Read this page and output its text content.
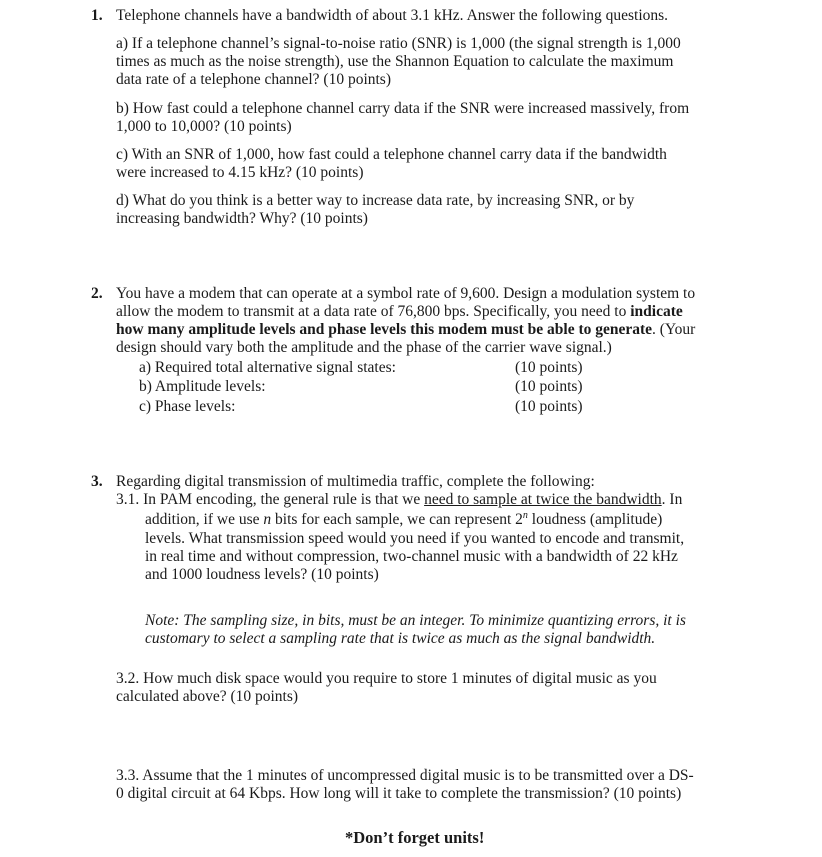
1. Telephone channels have a bandwidth of about 3.1 kHz. Answer the following questions.
a) If a telephone channel’s signal-to-noise ratio (SNR) is 1,000 (the signal strength is 1,000
times as much as the noise strength), use the Shannon Equation to calculate the maximum
data rate of a telephone channel? (10 points)
b) How fast could a telephone channel carry data if the SNR were increased massively, from
1,000 to 10,000? (10 points)
c) With an SNR of 1,000, how fast could a telephone channel carry data if the bandwidth
were increased to 4.15 kHz? (10 points)
d) What do you think is a better way to increase data rate, by increasing SNR, or by
increasing bandwidth? Why? (10 points)
2. You have a modem that can operate at a symbol rate of 9,600. Design a modulation system to
allow the modem to transmit at a data rate of 76,800 bps. Specifically, you need to indicate
how many amplitude levels and phase levels this modem must be able to generate. (Your
design should vary both the amplitude and the phase of the carrier wave signal.)
a) Required total alternative signal states:	(10 points)
b) Amplitude levels:	(10 points)
c) Phase levels:	(10 points)
3. Regarding digital transmission of multimedia traffic, complete the following:
3.1. In PAM encoding, the general rule is that we need to sample at twice the bandwidth. In
addition, if we use n bits for each sample, we can represent 2$^n$ loudness (amplitude)
levels. What transmission speed would you need if you wanted to encode and transmit,
in real time and without compression, two-channel music with a bandwidth of 22 kHz
and 1000 loudness levels? (10 points)
Note: The sampling size, in bits, must be an integer. To minimize quantizing errors, it is
customary to select a sampling rate that is twice as much as the signal bandwidth.
3.2. How much disk space would you require to store 1 minutes of digital music as you
calculated above? (10 points)
3.3. Assume that the 1 minutes of uncompressed digital music is to be transmitted over a DS-
0 digital circuit at 64 Kbps. How long will it take to complete the transmission? (10 points)
*Don’t forget units!
